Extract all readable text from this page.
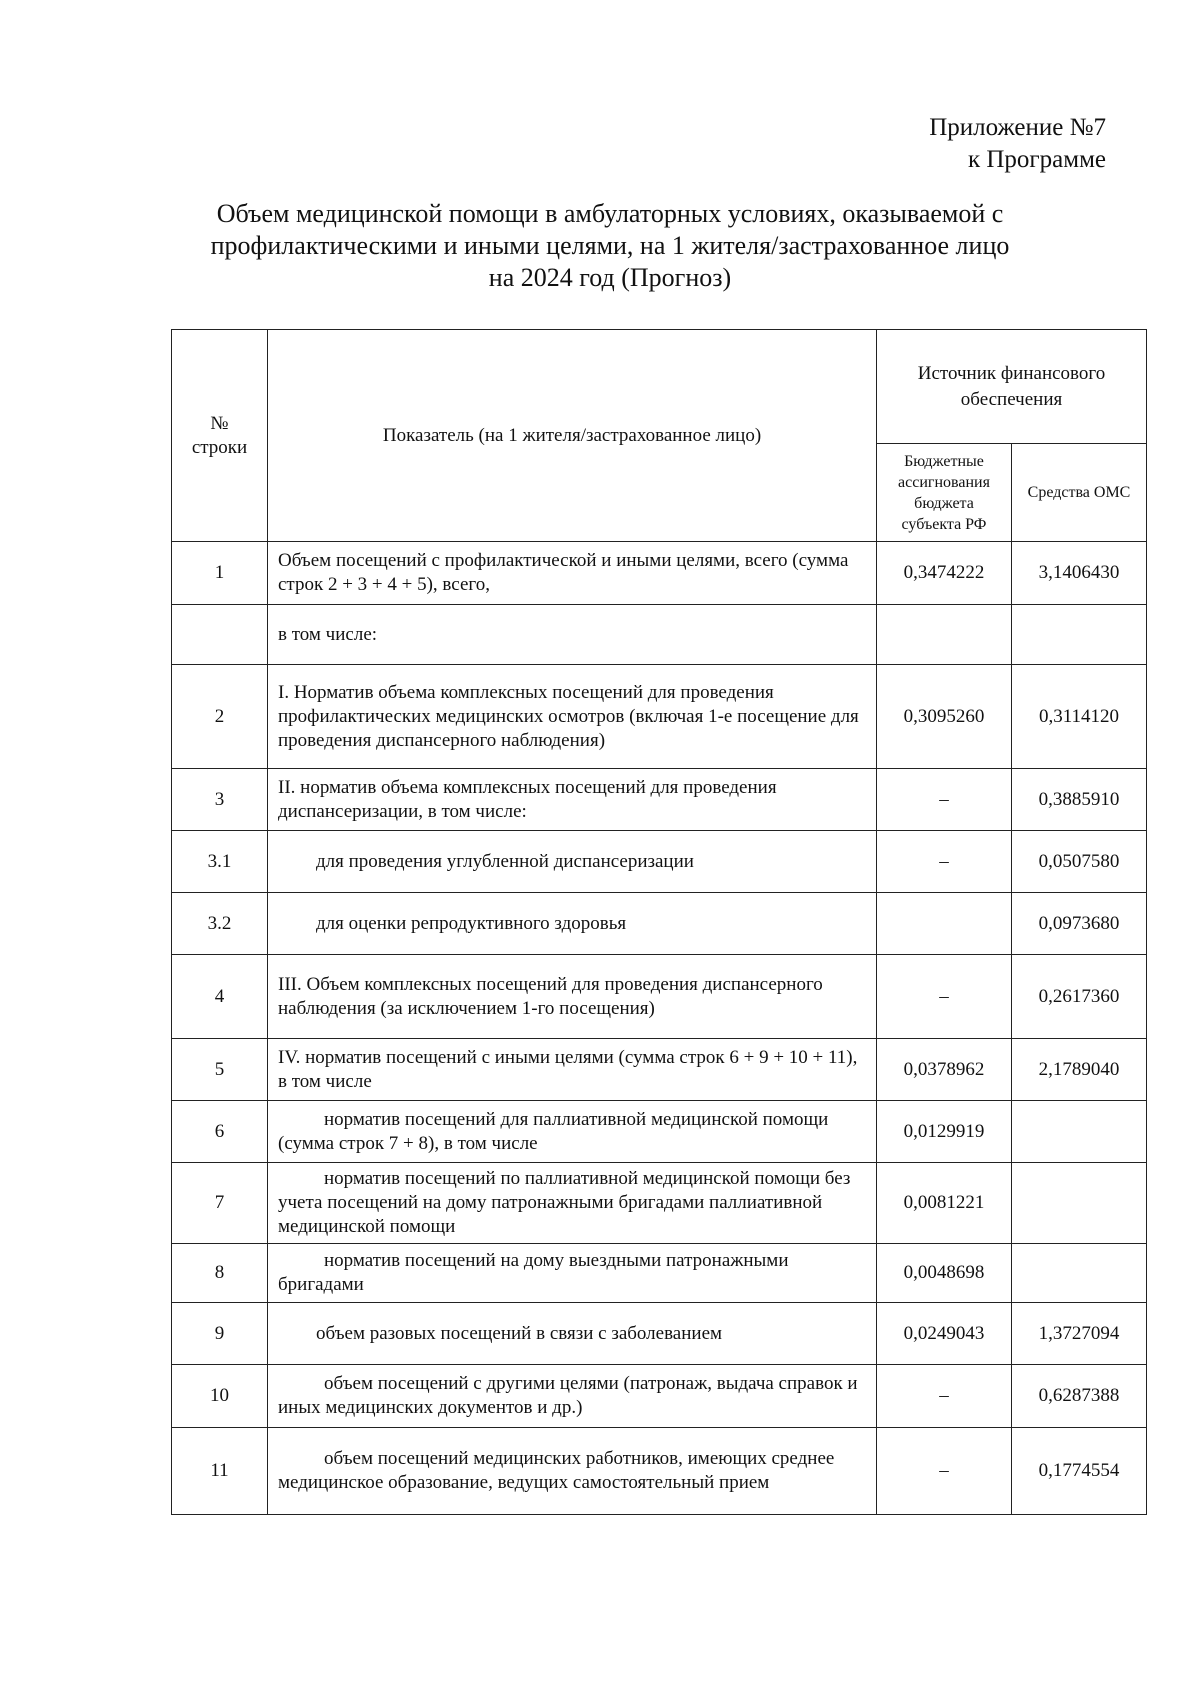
Приложение №7
к Программе
Объем медицинской помощи в амбулаторных условиях, оказываемой с
профилактическими и иными целями, на 1 жителя/застрахованное лицо
на 2024 год (Прогноз)
№
строки	Показатель (на 1 жителя/застрахованное лицо)	Источник финансового обеспечения	
		Бюджетные ассигнования бюджета субъекта РФ	Средства ОМС
1	Объем посещений с профилактической и иными целями, всего (сумма строк 2 + 3 + 4 + 5), всего,	0,3474222	3,1406430

	в том числе:		

2	I. Норматив объема комплексных посещений для проведения профилактических медицинских осмотров (включая 1-е посещение для проведения диспансерного наблюдения)	0,3095260	0,3114120
3	II. норматив объема комплексных посещений для проведения диспансеризации, в том числе:	–	0,3885910
3.1	для проведения углубленной диспансеризации	–	0,0507580
3.2	для оценки репродуктивного здоровья		0,0973680
4	III. Объем комплексных посещений для проведения диспансерного наблюдения (за исключением 1-го посещения)	–	0,2617360
5	IV. норматив посещений с иными целями (сумма строк 6 + 9 + 10 + 11), в том числе	0,0378962	2,1789040
6	норматив посещений для паллиативной медицинской помощи (сумма строк 7 + 8), в том числе	0,0129919	
7	норматив посещений по паллиативной медицинской помощи без учета посещений на дому патронажными бригадами паллиативной медицинской помощи	0,0081221	
8	норматив посещений на дому выездными патронажными бригадами	0,0048698	
9	объем разовых посещений в связи с заболеванием	0,0249043	1,3727094
10	объем посещений с другими целями (патронаж, выдача справок и иных медицинских документов и др.)	–	0,6287388
11	объем посещений медицинских работников, имеющих среднее медицинское образование, ведущих самостоятельный прием	–	0,1774554
